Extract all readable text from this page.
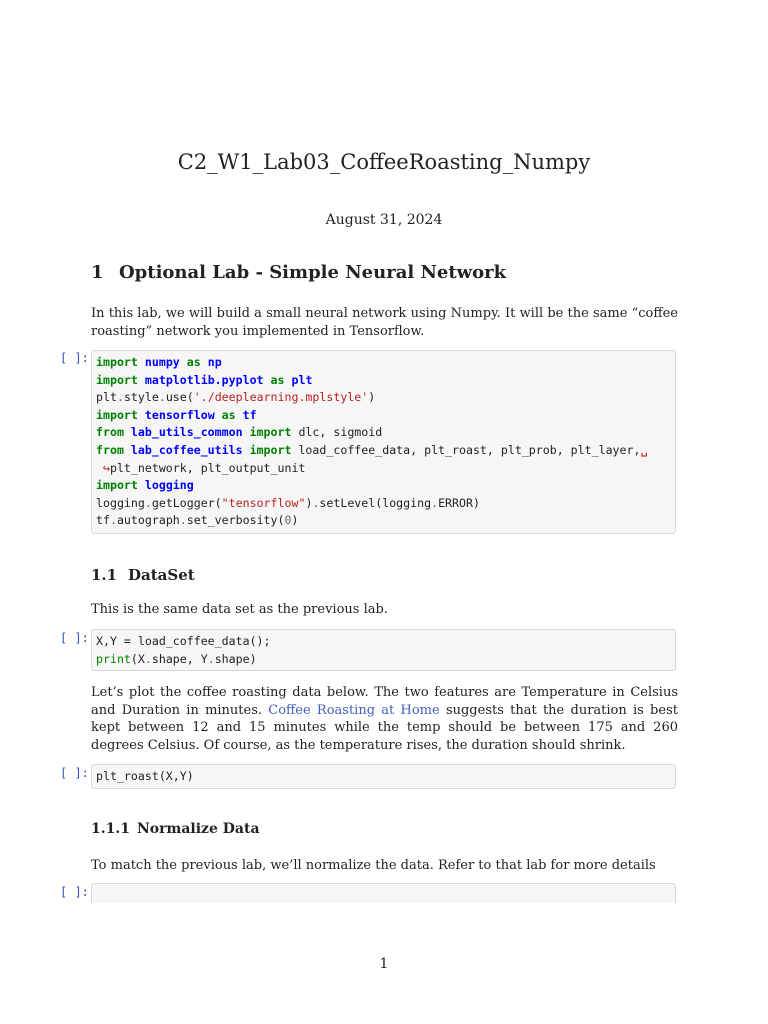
C2_W1_Lab03_CoffeeRoasting_Numpy
August 31, 2024
1 Optional Lab - Simple Neural Network

In this lab, we will build a small neural network using Numpy. It will be the same “coffee roasting” network you implemented in Tensorflow.

[ ]: import numpy as np
import matplotlib.pyplot as plt
plt.style.use('./deeplearning.mplstyle')
import tensorflow as tf
from lab_utils_common import dlc, sigmoid
from lab_coffee_utils import load_coffee_data, plt_roast, plt_prob, plt_layer,␣
↪plt_network, plt_output_unit
import logging
logging.getLogger("tensorflow").setLevel(logging.ERROR)
tf.autograph.set_verbosity(0)
1.1 DataSet

This is the same data set as the previous lab.

[ ]: X,Y = load_coffee_data();
print(X.shape, Y.shape)

Let’s plot the coffee roasting data below. The two features are Temperature in Celsius and Duration in minutes. Coffee Roasting at Home suggests that the duration is best kept between 12 and 15 minutes while the temp should be between 175 and 260 degrees Celsius. Of course, as the temperature rises, the duration should shrink.

[ ]: plt_roast(X,Y)
1.1.1 Normalize Data

To match the previous lab, we’ll normalize the data. Refer to that lab for more details

[ ]:
1
